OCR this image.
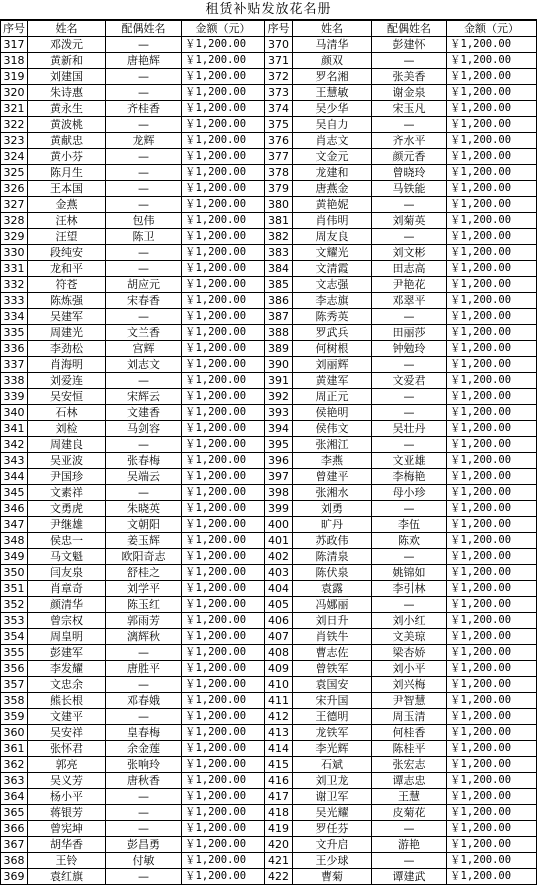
租赁补贴发放花名册
序号	姓名	配偶姓名	金额（元）	序号	姓名	配偶姓名	金额（元）
317	邓泼元	—	￥1,200.00	370	马清华	彭建怀	￥1,200.00
318	黄新和	唐艳辉	￥1,200.00	371	颜双	—	￥1,200.00
319	刘建国	—	￥1,200.00	372	罗名湘	张美香	￥1,200.00
320	朱诗惠	—	￥1,200.00	373	王慧敏	谢金泉	￥1,200.00
321	黄永生	齐桂香	￥1,200.00	374	吴少华	宋玉凡	￥1,200.00
322	黄波桃	—	￥1,200.00	375	吴自力	—	￥1,200.00
323	黄献忠	龙辉	￥1,200.00	376	肖志文	齐水平	￥1,200.00
324	黄小芬	—	￥1,200.00	377	文金元	颜元香	￥1,200.00
325	陈月生	—	￥1,200.00	378	龙建和	曾晓玲	￥1,200.00
326	王本国	—	￥1,200.00	379	唐燕金	马铁能	￥1,200.00
327	金燕	—	￥1,200.00	380	黄艳妮	—	￥1,200.00
328	汪林	包伟	￥1,200.00	381	肖伟明	刘菊英	￥1,200.00
329	汪望	陈卫	￥1,200.00	382	周友良	—	￥1,200.00
330	段纯安	—	￥1,200.00	383	文耀光	刘文彬	￥1,200.00
331	龙和平	—	￥1,200.00	384	文清霞	田志高	￥1,200.00
332	符苍	胡应元	￥1,200.00	385	文志强	尹艳花	￥1,200.00
333	陈炼强	宋春香	￥1,200.00	386	李志旗	邓翠平	￥1,200.00
334	吴建军	—	￥1,200.00	387	陈秀英	—	￥1,200.00
335	周建光	文兰香	￥1,200.00	388	罗武兵	田丽莎	￥1,200.00
336	李劲松	宫辉	￥1,200.00	389	何树根	钟勉玲	￥1,200.00
337	肖海明	刘志文	￥1,200.00	390	刘丽辉	—	￥1,200.00
338	刘爱连	—	￥1,200.00	391	黄建军	文爱君	￥1,200.00
339	吴安恒	宋辉云	￥1,200.00	392	周正元	—	￥1,200.00
340	石林	文建香	￥1,200.00	393	侯艳明	—	￥1,200.00
341	刘检	马剑容	￥1,200.00	394	侯伟文	吴壮丹	￥1,200.00
342	周建良	—	￥1,200.00	395	张湘江	—	￥1,200.00
343	吴亚波	张春梅	￥1,200.00	396	李燕	文亚雄	￥1,200.00
344	尹国珍	吴端云	￥1,200.00	397	曾建平	李梅艳	￥1,200.00
345	文素祥	—	￥1,200.00	398	张湘水	母小珍	￥1,200.00
346	文勇虎	朱晓英	￥1,200.00	399	刘勇	—	￥1,200.00
347	尹继雄	文朝阳	￥1,200.00	400	旷丹	李伍	￥1,200.00
348	侯忠一	姜玉辉	￥1,200.00	401	苏政伟	陈欢	￥1,200.00
349	马文魁	欧阳奇志	￥1,200.00	402	陈清泉	—	￥1,200.00
350	闫友泉	舒桂之	￥1,200.00	403	陈伏泉	姚锦如	￥1,200.00
351	肖章奇	刘学平	￥1,200.00	404	袁露	李引林	￥1,200.00
352	颜清华	陈玉红	￥1,200.00	405	冯娜丽	—	￥1,200.00
353	曾宗权	郭雨芳	￥1,200.00	406	刘日升	刘小红	￥1,200.00
354	周皇明	漓辉秋	￥1,200.00	407	肖铁牛	文美琼	￥1,200.00
355	彭建军	—	￥1,200.00	408	曹志佐	梁杏娇	￥1,200.00
356	李发耀	唐胜平	￥1,200.00	409	曾铁军	刘小平	￥1,200.00
357	文忠余	—	￥1,200.00	410	袁国安	刘兴梅	￥1,200.00
358	熊长根	邓春娥	￥1,200.00	411	宋升国	尹智慧	￥1,200.00
359	文建平	—	￥1,200.00	412	王德明	周玉清	￥1,200.00
360	吴安祥	皇春梅	￥1,200.00	413	龙铁军	何桂香	￥1,200.00
361	张怀君	余金莲	￥1,200.00	414	李光辉	陈桂平	￥1,200.00
362	郭亮	张响玲	￥1,200.00	415	石斌	张宏志	￥1,200.00
363	吴义芳	唐秋香	￥1,200.00	416	刘卫龙	谭志忠	￥1,200.00
364	杨小平	—	￥1,200.00	417	谢卫军	王慧	￥1,200.00
365	蒋银芳	—	￥1,200.00	418	吴光耀	皮菊花	￥1,200.00
366	曾宪坤	—	￥1,200.00	419	罗任芬	—	￥1,200.00
367	胡华香	彭昌勇	￥1,200.00	420	文升启	游艳	￥1,200.00
368	王铃	付敏	￥1,200.00	421	王少球	—	￥1,200.00
369	袁红旗	—	￥1,200.00	422	曹菊	谭建武	￥1,200.00
